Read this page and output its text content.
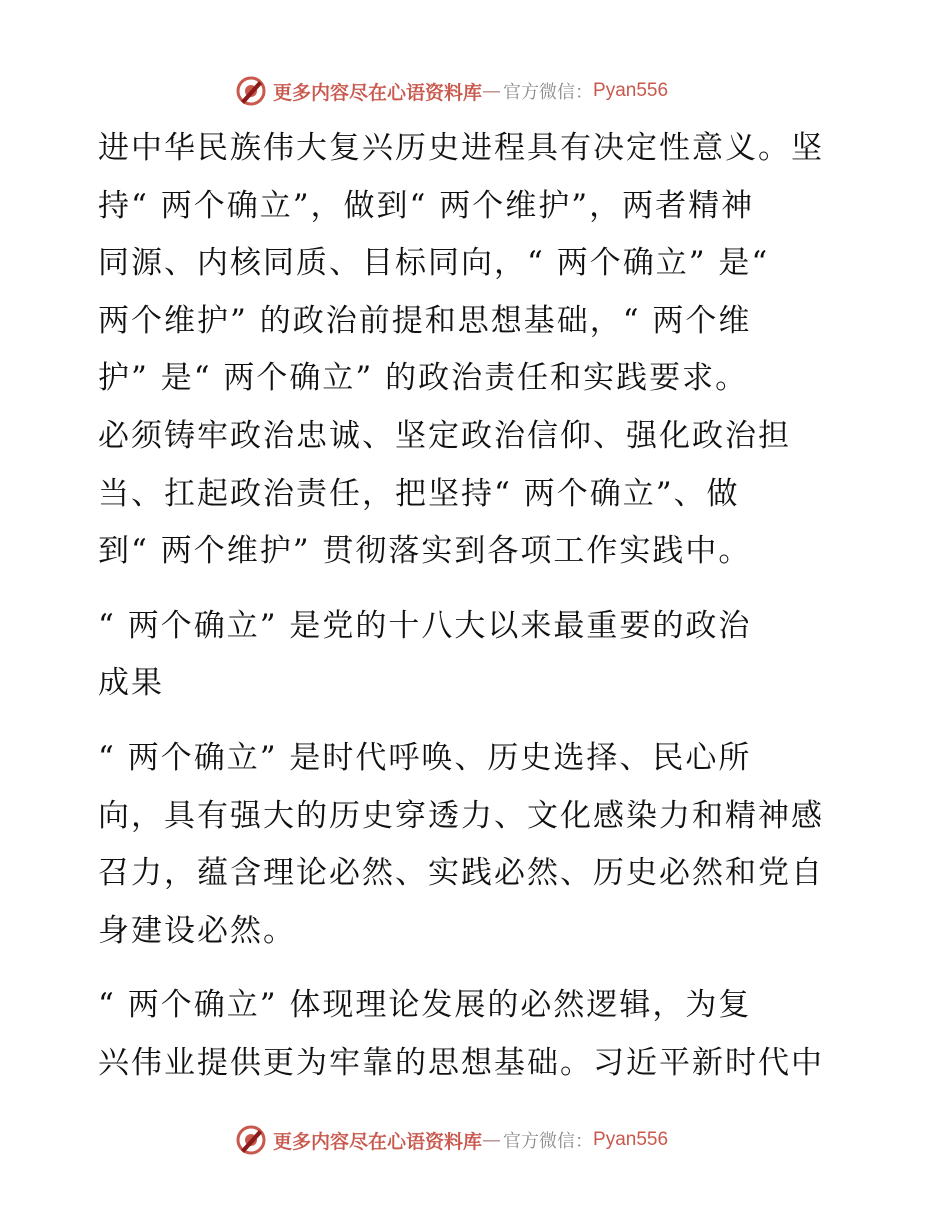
更多内容尽在心语资料库 — 官方微信： Pyan556

进中华民族伟大复兴历史进程具有决定性意义。坚
持“ 两个确立”，做到“ 两个维护”，两者精神
同源、内核同质、目标同向，“ 两个确立” 是“
两个维护” 的政治前提和思想基础，“ 两个维
护” 是“ 两个确立” 的政治责任和实践要求。
必须铸牢政治忠诚、坚定政治信仰、强化政治担
当、扛起政治责任，把坚持“ 两个确立”、做
到“ 两个维护” 贯彻落实到各项工作实践中。

“ 两个确立” 是党的十八大以来最重要的政治
成果

“ 两个确立” 是时代呼唤、历史选择、民心所
向，具有强大的历史穿透力、文化感染力和精神感
召力，蕴含理论必然、实践必然、历史必然和党自
身建设必然。

“ 两个确立” 体现理论发展的必然逻辑，为复
兴伟业提供更为牢靠的思想基础。习近平新时代中

更多内容尽在心语资料库 — 官方微信： Pyan556
